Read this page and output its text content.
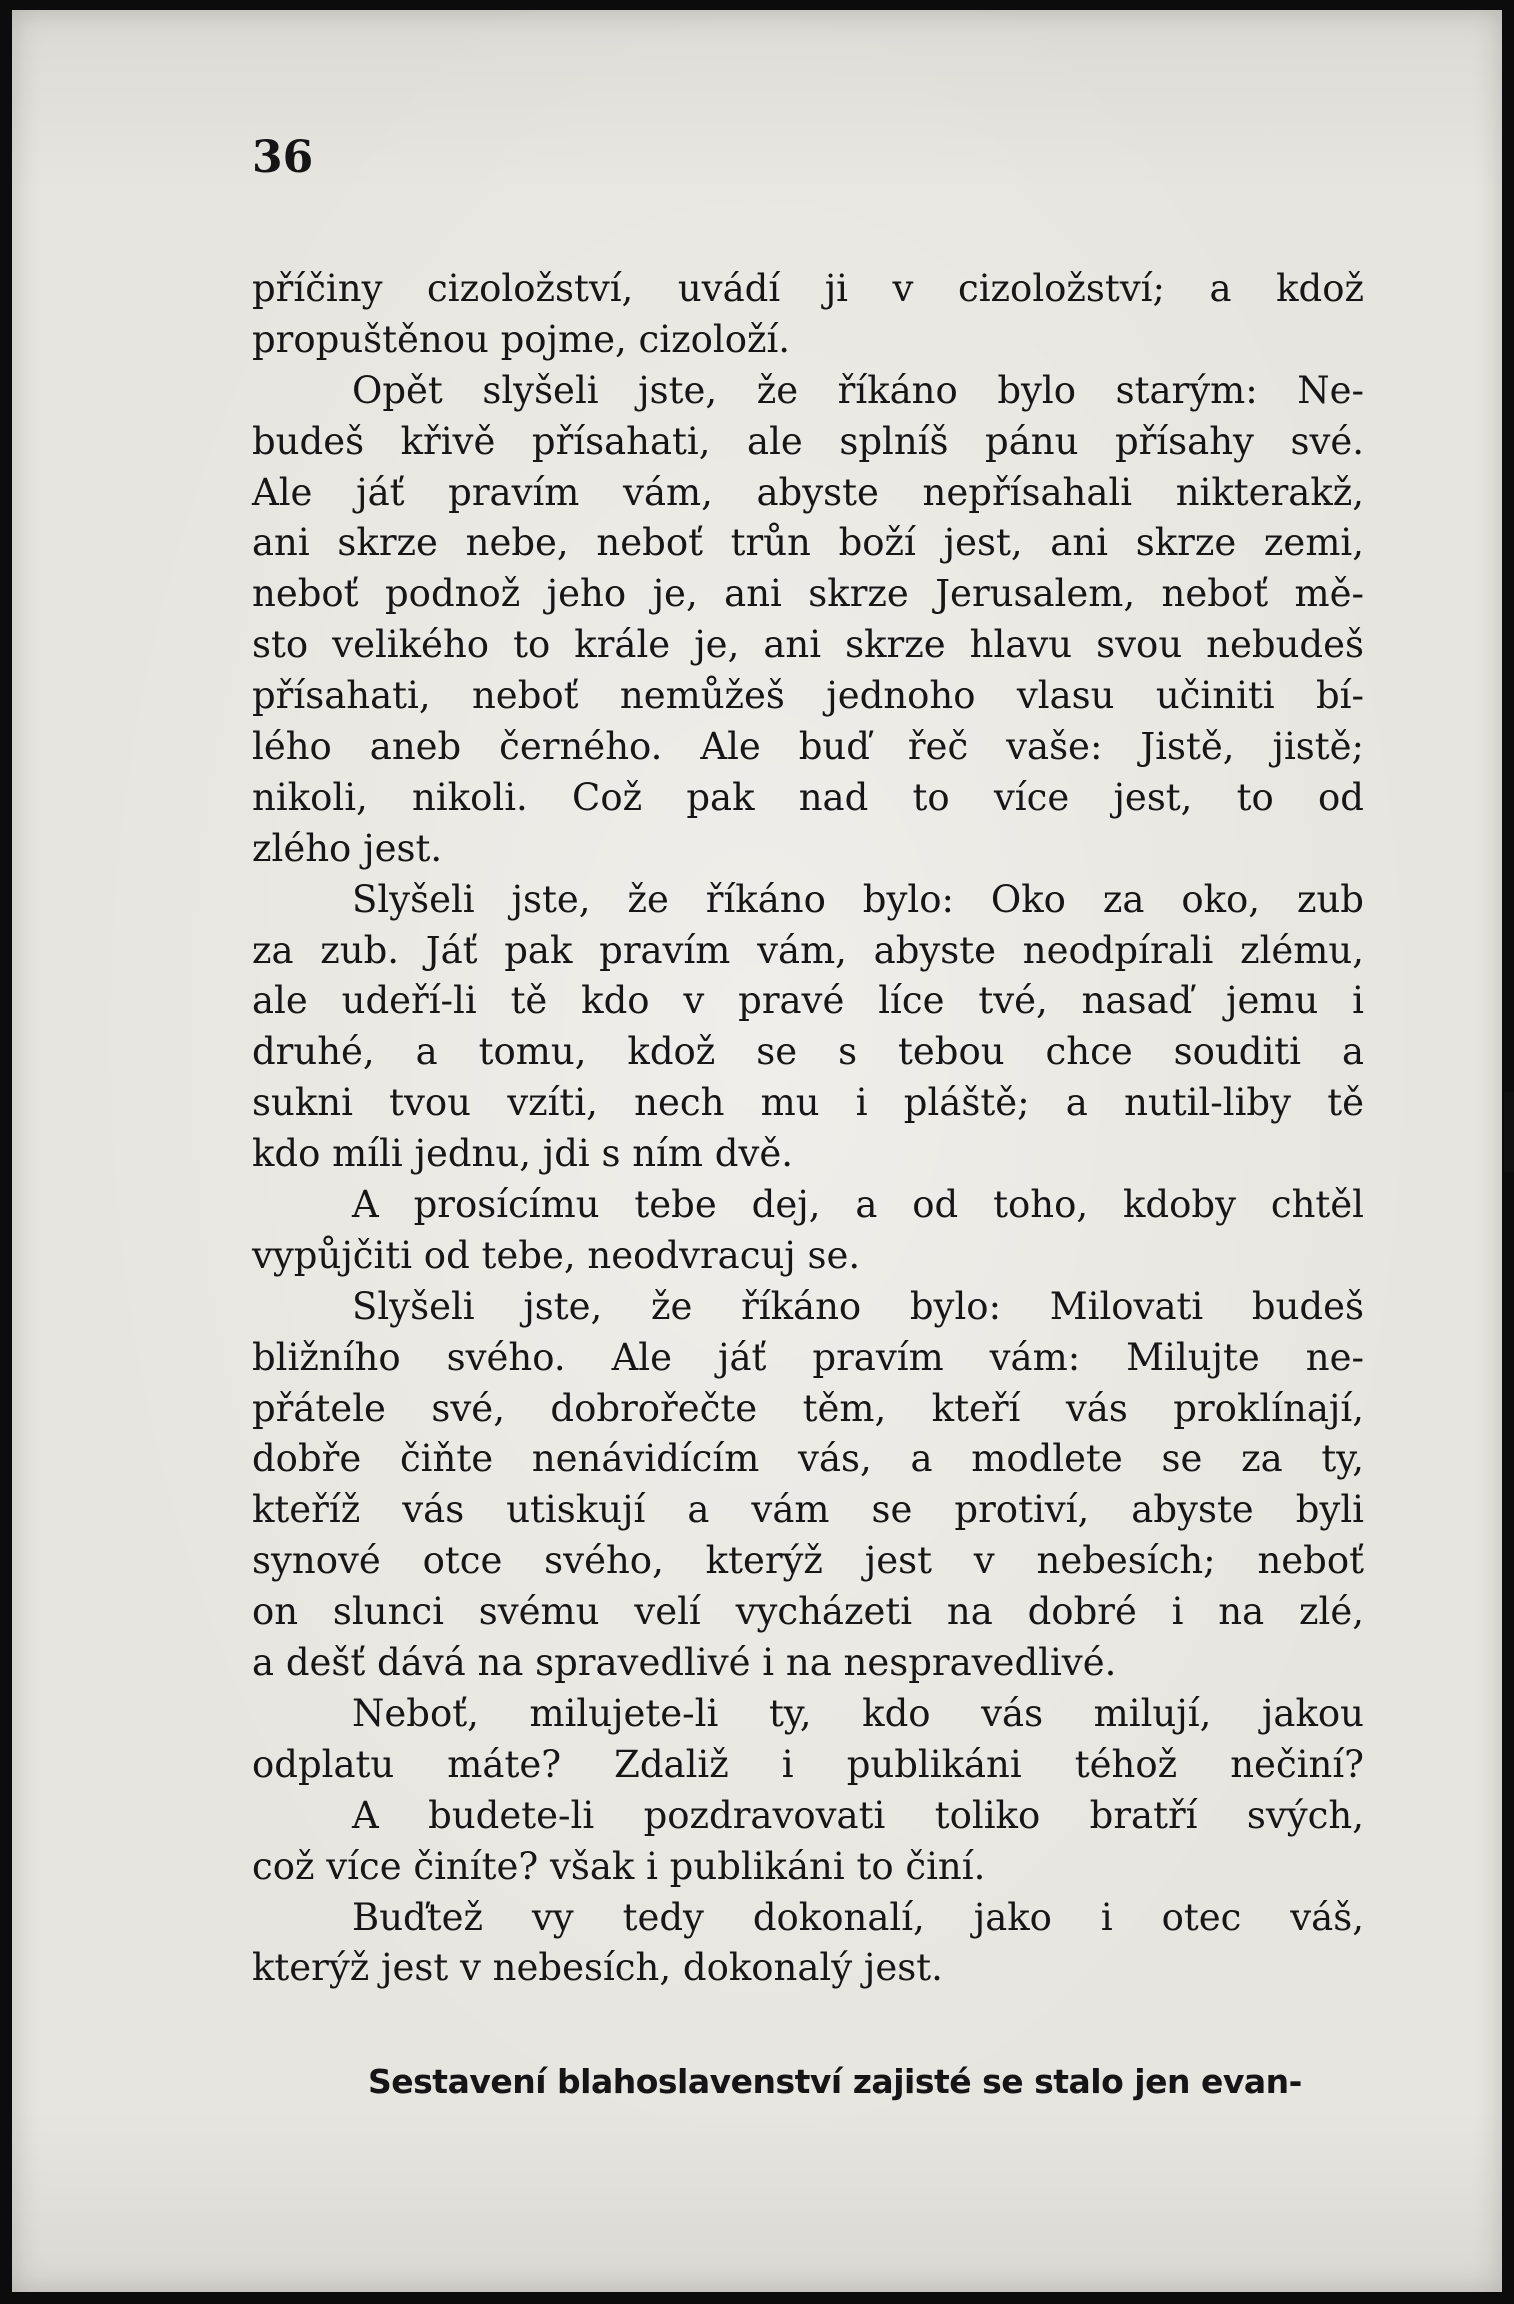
36
příčiny cizoložství, uvádí ji v cizoložství; a kdož
propuštěnou pojme, cizoloží.
Opět slyšeli jste, že říkáno bylo starým: Ne-
budeš křivě přísahati, ale splníš pánu přísahy své.
Ale jáť pravím vám, abyste nepřísahali nikterakž,
ani skrze nebe, neboť trůn boží jest, ani skrze zemi,
neboť podnož jeho je, ani skrze Jerusalem, neboť mě-
sto velikého to krále je, ani skrze hlavu svou nebudeš
přísahati, neboť nemůžeš jednoho vlasu učiniti bí-
lého aneb černého. Ale buď řeč vaše: Jistě, jistě;
nikoli, nikoli. Což pak nad to více jest, to od
zlého jest.
Slyšeli jste, že říkáno bylo: Oko za oko, zub
za zub. Jáť pak pravím vám, abyste neodpírali zlému,
ale udeří-li tě kdo v pravé líce tvé, nasaď jemu i
druhé, a tomu, kdož se s tebou chce souditi a
sukni tvou vzíti, nech mu i pláště; a nutil-liby tě
kdo míli jednu, jdi s ním dvě.
A prosícímu tebe dej, a od toho, kdoby chtěl
vypůjčiti od tebe, neodvracuj se.
Slyšeli jste, že říkáno bylo: Milovati budeš
bližního svého. Ale jáť pravím vám: Milujte ne-
přátele své, dobrořečte těm, kteří vás proklínají,
dobře čiňte nenávidícím vás, a modlete se za ty,
kteříž vás utiskují a vám se protiví, abyste byli
synové otce svého, kterýž jest v nebesích; neboť
on slunci svému velí vycházeti na dobré i na zlé,
a dešť dává na spravedlivé i na nespravedlivé.
Neboť, milujete-li ty, kdo vás milují, jakou
odplatu máte? Zdaliž i publikáni téhož nečiní?
A budete-li pozdravovati toliko bratří svých,
což více činíte? však i publikáni to činí.
Buďtež vy tedy dokonalí, jako i otec váš,
kterýž jest v nebesích, dokonalý jest.
Sestavení blahoslavenství zajisté se stalo jen evan-
